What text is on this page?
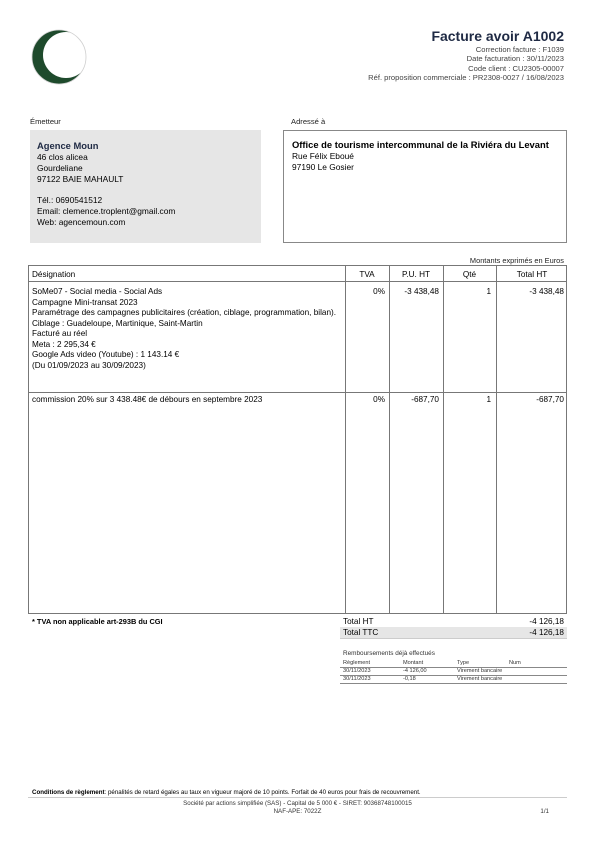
Facture avoir A1002
Correction facture : F1039
Date facturation : 30/11/2023
Code client : CU2305-00007
Réf. proposition commerciale : PR2308-0027 / 16/08/2023
Émetteur
Agence Moun
46 clos alicea
Gourdeliane
97122 BAIE MAHAULT
Tél.: 0690541512
Email: clemence.troplent@gmail.com
Web: agencemoun.com
Adressé à
Office de tourisme intercommunal de la Riviéra du Levant
Rue Félix Eboué
97190 Le Gosier
Montants exprimés en Euros
Désignation	TVA	P.U. HT	Qté	Total HT
SoMe07 - Social media - Social Ads
Campagne Mini-transat 2023
Paramétrage des campagnes publicitaires (création, ciblage, programmation, bilan).
Ciblage : Guadeloupe, Martinique, Saint-Martin
Facturé au réel
Meta : 2 295,34 €
Google Ads video (Youtube) : 1 143.14 €
(Du 01/09/2023 au 30/09/2023)
0%	-3 438,48	1	-3 438,48
commission 20% sur 3 438.48€ de débours en septembre 2023	0%	-687,70	1	-687,70
* TVA non applicable art-293B du CGI	Total HT	-4 126,18
Total TTC	-4 126,18
Remboursements déjà effectués
Règlement	Montant	Type	Num
30/11/2023	-4 126,00	Virement bancaire	
30/11/2023	-0,18	Virement bancaire	
Conditions de règlement: pénalités de retard égales au taux en vigueur majoré de 10 points. Forfait de 40 euros pour frais de recouvrement.
Société par actions simplifiée (SAS) - Capital de 5 000 € - SIRET: 90368748100015
NAF-APE: 7022Z	1/1
